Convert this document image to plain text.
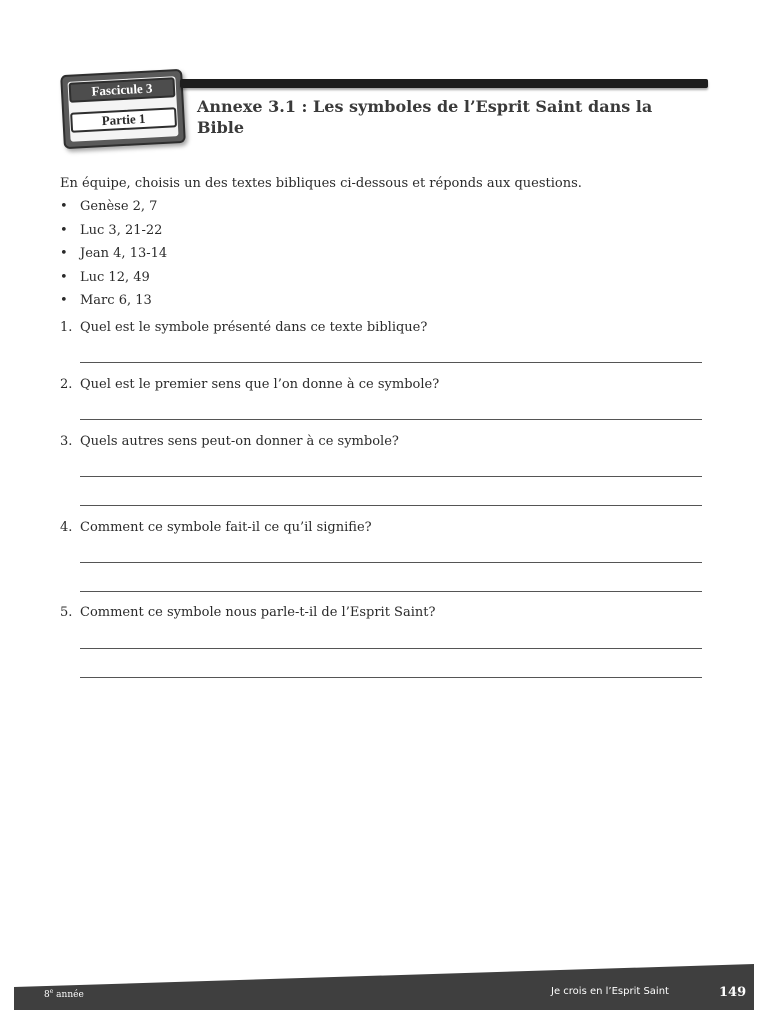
Fascicule 3
Partie 1
Annexe 3.1 : Les symboles de l’Esprit Saint dans la Bible

En équipe, choisis un des textes bibliques ci-dessous et réponds aux questions.

• Genèse 2, 7
• Luc 3, 21-22
• Jean 4, 13-14
• Luc 12, 49
• Marc 6, 13
1. Quel est le symbole présenté dans ce texte biblique?
2. Quel est le premier sens que l’on donne à ce symbole?
3. Quels autres sens peut-on donner à ce symbole?
4. Comment ce symbole fait-il ce qu’il signifie?
5. Comment ce symbole nous parle-t-il de l’Esprit Saint?
8e année	Je crois en l’Esprit Saint	149
